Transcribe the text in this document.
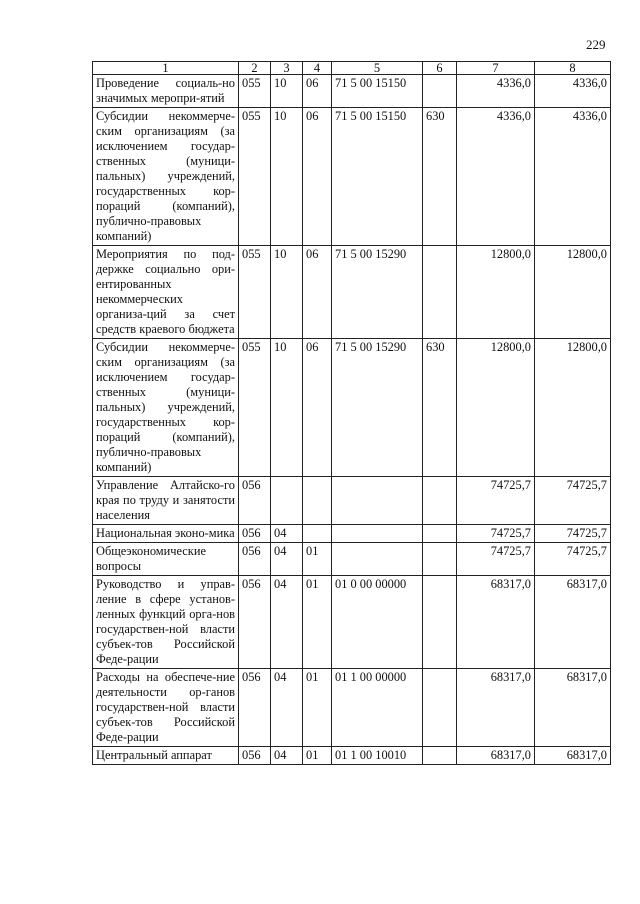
229
1	2	3	4	5	6	7	8
Проведение социаль-но значимых меропри-ятий	055	10	06	71 5 00 15150		4336,0	4336,0
Субсидии некоммерче-ским организациям (за исключением государ-ственных (муници-пальных) учреждений, государственных кор-пораций (компаний), публично-правовых компаний)	055	10	06	71 5 00 15150	630	4336,0	4336,0
Мероприятия по под-держке социально ори-ентированных некоммерческих организа-ций за счет средств краевого бюджета	055	10	06	71 5 00 15290		12800,0	12800,0
Субсидии некоммерче-ским организациям (за исключением государ-ственных (муници-пальных) учреждений, государственных кор-пораций (компаний), публично-правовых компаний)	055	10	06	71 5 00 15290	630	12800,0	12800,0
Управление Алтайско-го края по труду и занятости населения	056					74725,7	74725,7
Национальная эконо-мика	056	04				74725,7	74725,7
Общеэкономические вопросы	056	04	01			74725,7	74725,7
Руководство и управ-ление в сфере установ-ленных функций орга-нов государствен-ной власти субъек-тов Российской Феде-рации	056	04	01	01 0 00 00000		68317,0	68317,0
Расходы на обеспече-ние деятельности ор-ганов государствен-ной власти субъек-тов Российской Феде-рации	056	04	01	01 1 00 00000		68317,0	68317,0
Центральный аппарат	056	04	01	01 1 00 10010		68317,0	68317,0
